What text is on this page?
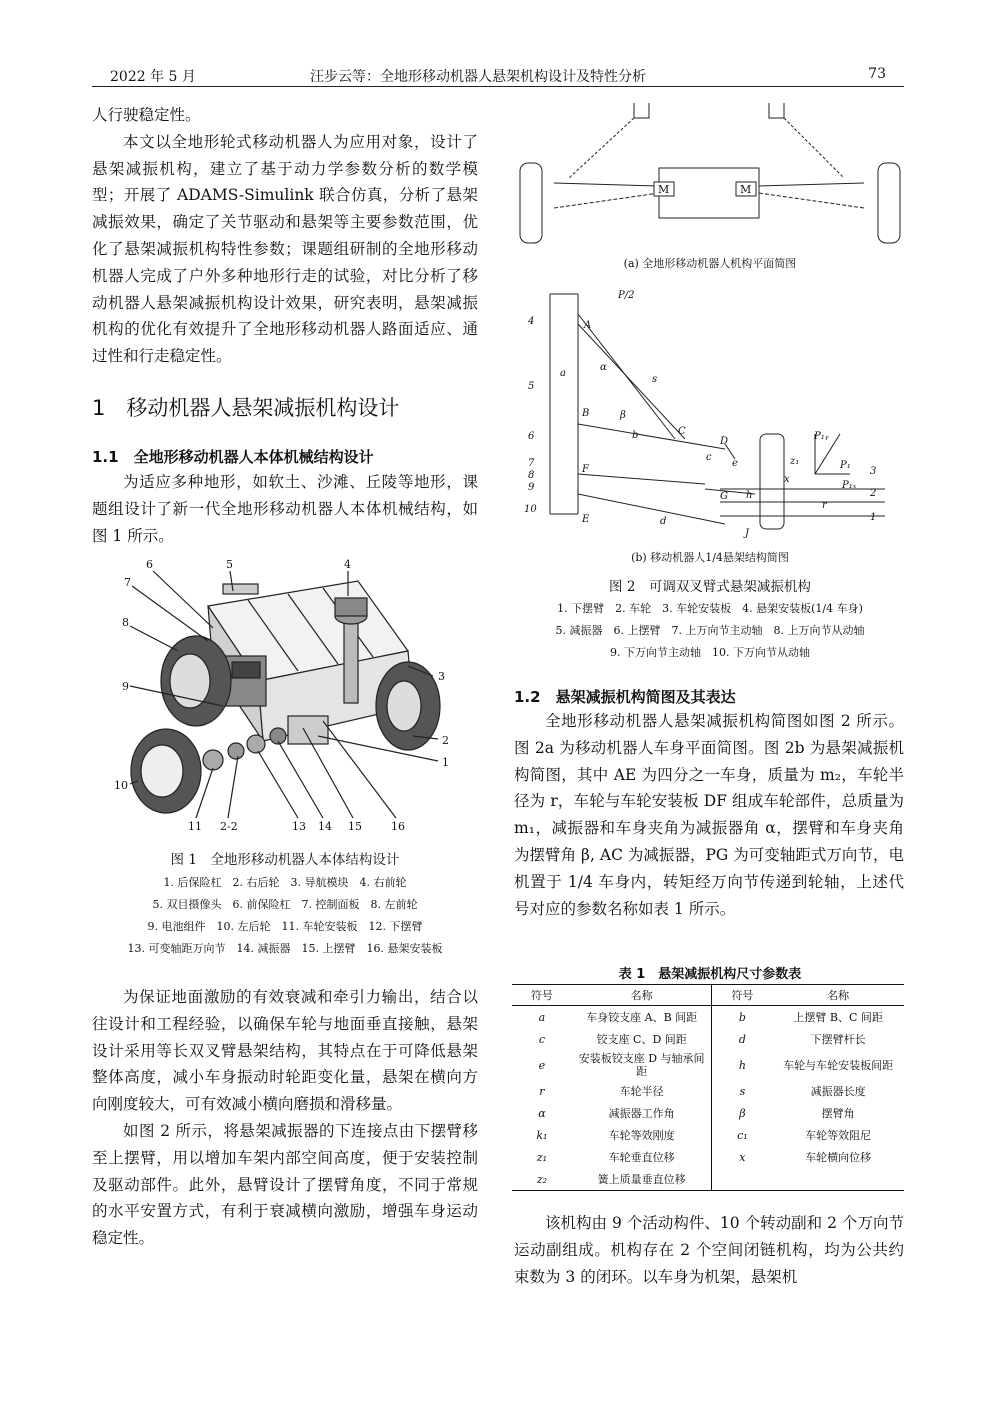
2022 年 5 月	汪步云等：全地形移动机器人悬架机构设计及特性分析	73

人行驶稳定性。

本文以全地形轮式移动机器人为应用对象，设计了悬架减振机构，建立了基于动力学参数分析的数学模型；开展了 ADAMS-Simulink 联合仿真，分析了悬架减振效果，确定了关节驱动和悬架等主要参数范围，优化了悬架减振机构特性参数；课题组研制的全地形移动机器人完成了户外多种地形行走的试验，对比分析了移动机器人悬架减振机构设计效果，研究表明，悬架减振机构的优化有效提升了全地形移动机器人路面适应、通过性和行走稳定性。

1　移动机器人悬架减振机构设计
1.1　全地形移动机器人本体机械结构设计

为适应多种地形，如软土、沙滩、丘陵等地形，课题组设计了新一代全地形移动机器人本体机械结构，如图 1 所示。

6	5	4
7
8
3
9
2
1
10
11 2-2	13 14 15	16
图 1　全地形移动机器人本体结构设计
1. 后保险杠　2. 右后轮　3. 导航模块　4. 右前轮
5. 双目摄像头　6. 前保险杠　7. 控制面板　8. 左前轮
9. 电池组件　10. 左后轮　11. 车轮安装板　12. 下摆臂
13. 可变轴距万向节　14. 减振器　15. 上摆臂　16. 悬架安装板

为保证地面激励的有效衰减和牵引力输出，结合以往设计和工程经验，以确保车轮与地面垂直接触，悬架设计采用等长双叉臂悬架结构，其特点在于可降低悬架整体高度，减小车身振动时轮距变化量，悬架在横向方向刚度较大，可有效减小横向磨损和滑移量。

如图 2 所示，将悬架减振器的下连接点由下摆臂移至上摆臂，用以增加车架内部空间高度，便于安装控制及驱动部件。此外，悬臂设计了摆臂角度，不同于常规的水平安置方式，有利于衰减横向激励，增强车身运动稳定性。

M	M
(a) 全地形移动机器人机构平面简图
4
5
6
7
8
9
10
1
2
3
A
B
C
D
E
F
G
J
P/2
a
α
β
b
c
d
e
h
s
r
x
z₁	P₁
P₁ᵧ
P₁ₓ
(b) 移动机器人1/4悬架结构简图
图 2　可调双叉臂式悬架减振机构
1. 下摆臂　2. 车轮　3. 车轮安装板　4. 悬架安装板(1/4 车身)
5. 减振器　6. 上摆臂　7. 上万向节主动轴　8. 上万向节从动轴
9. 下万向节主动轴　10. 下万向节从动轴
1.2　悬架减振机构简图及其表达

全地形移动机器人悬架减振机构简图如图 2 所示。图 2a 为移动机器人车身平面简图。图 2b 为悬架减振机构简图，其中 AE 为四分之一车身，质量为 m₂，车轮半径为 r，车轮与车轮安装板 DF 组成车轮部件，总质量为 m₁，减振器和车身夹角为减振器角 α，摆臂和车身夹角为摆臂角 β, AC 为减振器，PG 为可变轴距式万向节，电机置于 1/4 车身内，转矩经万向节传递到轮轴，上述代号对应的参数名称如表 1 所示。

表 1　悬架减振机构尺寸参数表
符号	名称	符号	名称
a	车身铰支座 A、B 间距	b	上摆臂 B、C 间距
c	铰支座 C、D 间距	d	下摆臂杆长
e	安装板铰支座 D 与轴承间距	h	车轮与车轮安装板间距
r	车轮半径	s	减振器长度
α	减振器工作角	β	摆臂角
k₁	车轮等效刚度	c₁	车轮等效阻尼
z₁	车轮垂直位移	x	车轮横向位移
z₂	簧上质量垂直位移		

该机构由 9 个活动构件、10 个转动副和 2 个万向节运动副组成。机构存在 2 个空间闭链机构，均为公共约束数为 3 的闭环。以车身为机架，悬架机
